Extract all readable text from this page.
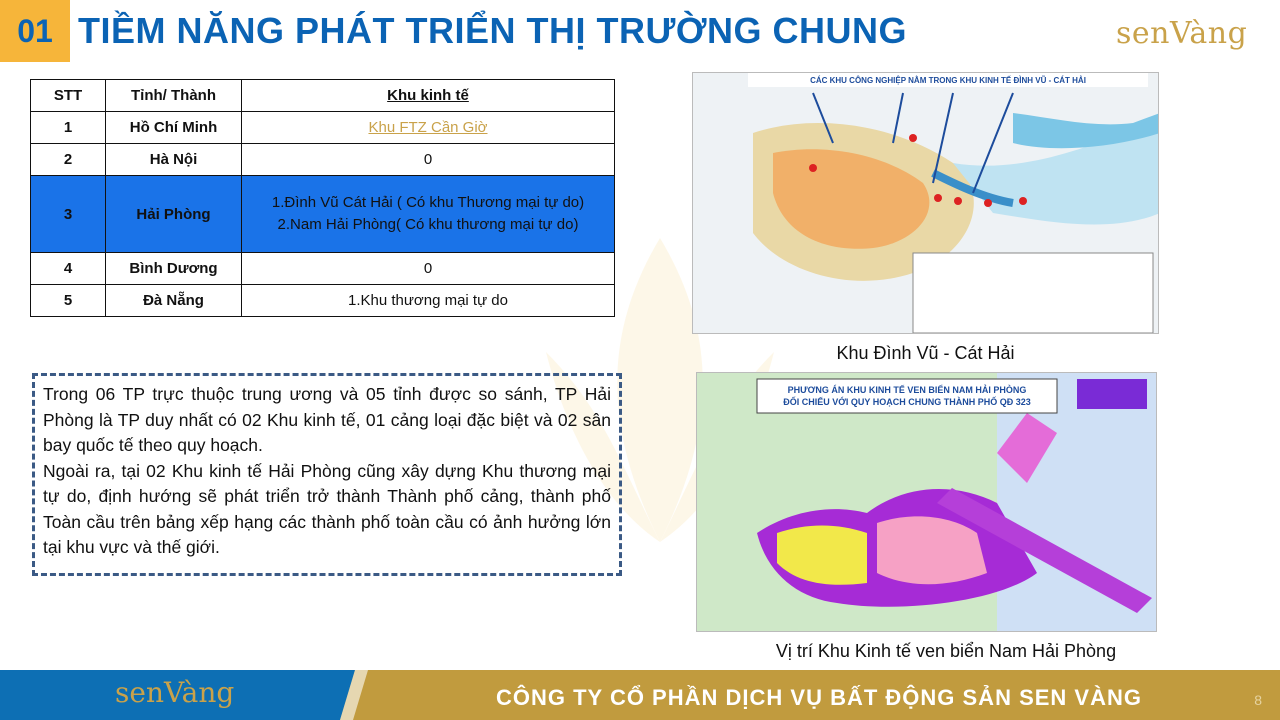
01 TIỀM NĂNG PHÁT TRIỂN THỊ TRƯỜNG CHUNG	senVàng
STT	Tỉnh/ Thành	Khu kinh tế
1	Hồ Chí Minh	Khu FTZ Cần Giờ
2	Hà Nội	0
3	Hải Phòng	1.Đình Vũ Cát Hải ( Có khu Thương mại tự do)
2.Nam Hải Phòng( Có khu thương mại tự do)

4	Bình Dương	0
5	Đà Nẵng	1.Khu thương mại tự do

Trong 06 TP trực thuộc trung ương và 05 tỉnh được so sánh, TP Hải Phòng là TP duy nhất có 02 Khu kinh tế, 01 cảng loại đặc biệt và 02 sân bay quốc tế theo quy hoạch.

Ngoài ra, tại 02 Khu kinh tế Hải Phòng cũng xây dựng Khu thương mại tự do, định hướng sẽ phát triển trở thành Thành phố cảng, thành phố Toàn cầu trên bảng xếp hạng các thành phố toàn cầu có ảnh hưởng lớn tại khu vực và thế giới.

CÁC KHU CÔNG NGHIỆP NẰM TRONG KHU KINH TẾ ĐÌNH VŨ - CÁT HẢI
Khu Đình Vũ - Cát Hải
PHƯƠNG ÁN KHU KINH TẾ VEN BIỂN NAM HẢI PHÒNG
ĐỐI CHIẾU VỚI QUY HOẠCH CHUNG THÀNH PHỐ QĐ 323
Vị trí Khu Kinh tế ven biển Nam Hải Phòng
senVàng	CÔNG TY CỔ PHẦN DỊCH VỤ BẤT ĐỘNG SẢN SEN VÀNG	8
